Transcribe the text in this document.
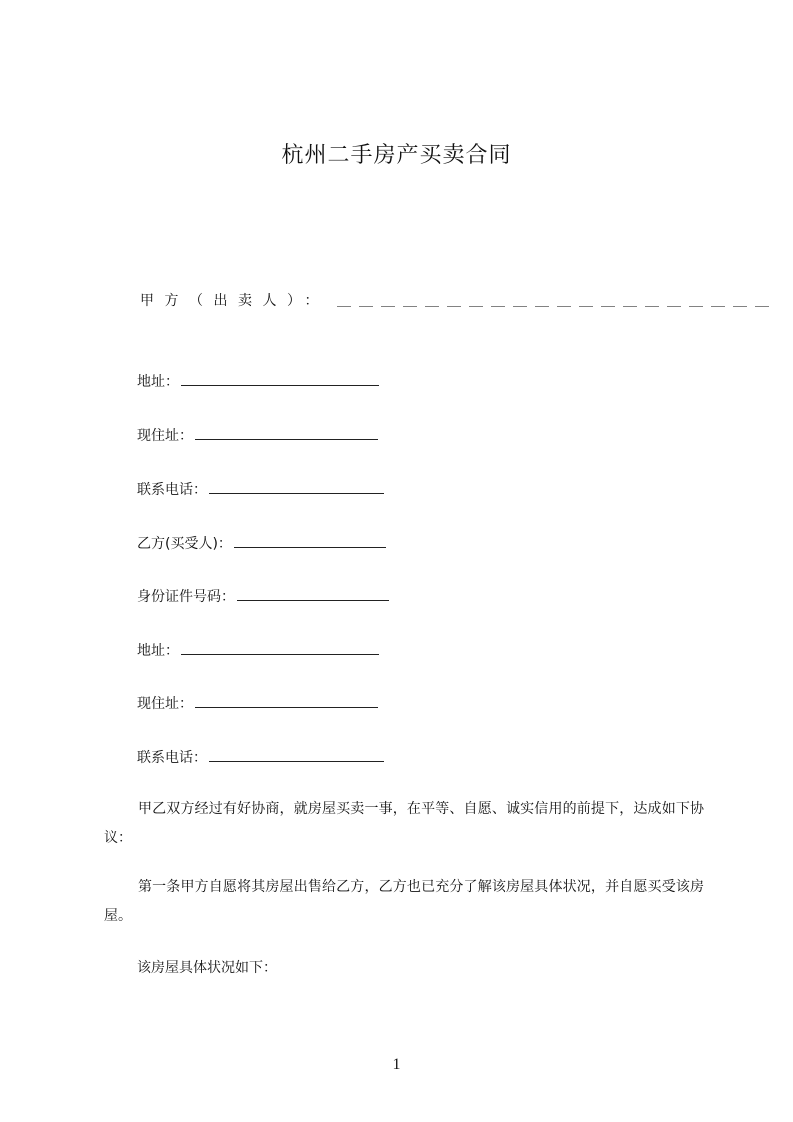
杭州二手房产买卖合同
甲方（出卖人）： ＿＿＿＿＿＿＿＿＿＿＿＿＿＿＿＿＿＿＿＿
地址：
现住址：
联系电话：
乙方(买受人)：
身份证件号码：
地址：
现住址：
联系电话：
甲乙双方经过有好协商，就房屋买卖一事，在平等、自愿、诚实信用的前提下，达成如下协议：
第一条甲方自愿将其房屋出售给乙方，乙方也已充分了解该房屋具体状况，并自愿买受该房屋。
该房屋具体状况如下：
1
